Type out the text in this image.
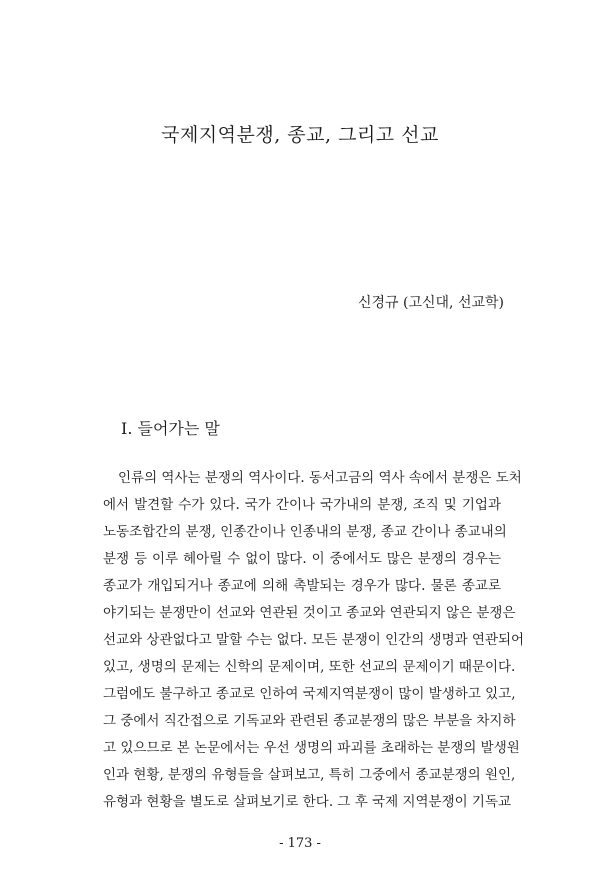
국제지역분쟁, 종교, 그리고 선교
신경규 (고신대, 선교학)
I. 들어가는 말
인류의 역사는 분쟁의 역사이다. 동서고금의 역사 속에서 분쟁은 도처
에서 발견할 수가 있다. 국가 간이나 국가내의 분쟁, 조직 및 기업과
노동조합간의 분쟁, 인종간이나 인종내의 분쟁, 종교 간이나 종교내의
분쟁 등 이루 헤아릴 수 없이 많다. 이 중에서도 많은 분쟁의 경우는
종교가 개입되거나 종교에 의해 촉발되는 경우가 많다. 물론 종교로
야기되는 분쟁만이 선교와 연관된 것이고 종교와 연관되지 않은 분쟁은
선교와 상관없다고 말할 수는 없다. 모든 분쟁이 인간의 생명과 연관되어
있고, 생명의 문제는 신학의 문제이며, 또한 선교의 문제이기 때문이다.
그럼에도 불구하고 종교로 인하여 국제지역분쟁이 많이 발생하고 있고,
그 중에서 직간접으로 기독교와 관련된 종교분쟁의 많은 부분을 차지하
고 있으므로 본 논문에서는 우선 생명의 파괴를 초래하는 분쟁의 발생원
인과 현황, 분쟁의 유형들을 살펴보고, 특히 그중에서 종교분쟁의 원인,
유형과 현황을 별도로 살펴보기로 한다. 그 후 국제 지역분쟁이 기독교
- 173 -
